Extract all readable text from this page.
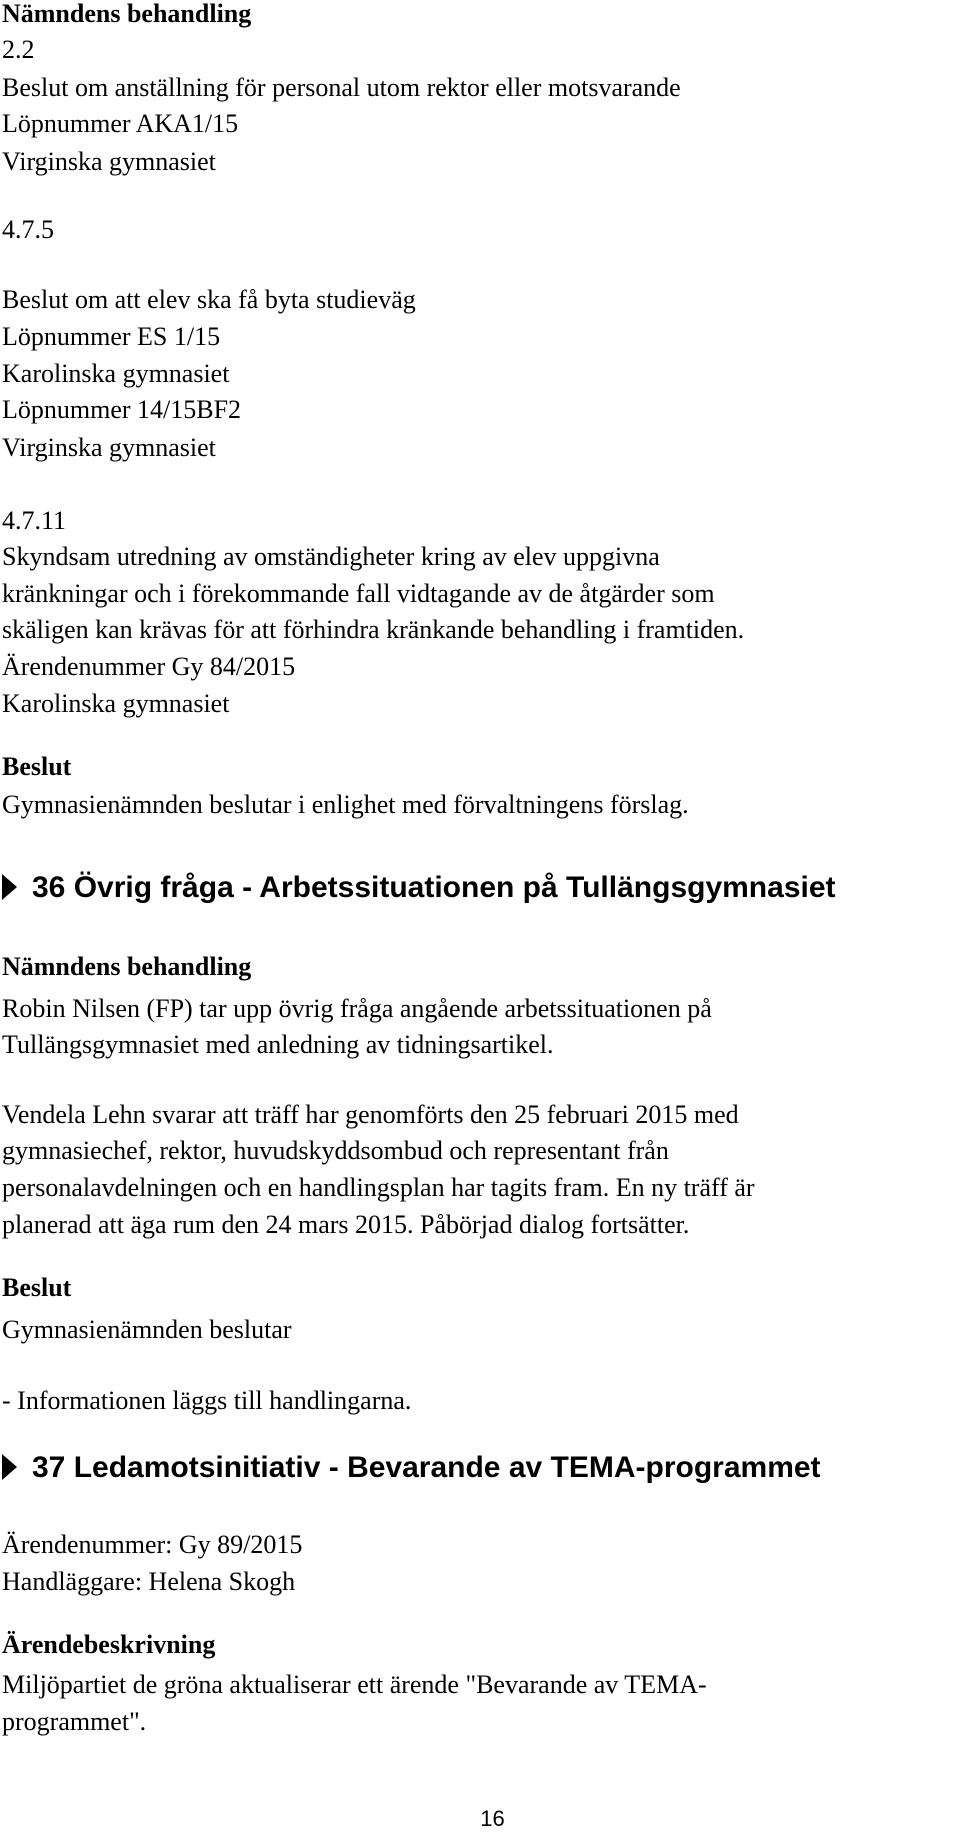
Nämndens behandling
2.2
Beslut om anställning för personal utom rektor eller motsvarande
Löpnummer AKA1/15
Virginska gymnasiet
4.7.5
Beslut om att elev ska få byta studieväg
Löpnummer ES 1/15
Karolinska gymnasiet
Löpnummer 14/15BF2
Virginska gymnasiet
4.7.11
Skyndsam utredning av omständigheter kring av elev uppgivna
kränkningar och i förekommande fall vidtagande av de åtgärder som
skäligen kan krävas för att förhindra kränkande behandling i framtiden.
Ärendenummer Gy 84/2015
Karolinska gymnasiet
Beslut
Gymnasienämnden beslutar i enlighet med förvaltningens förslag.
36 Övrig fråga - Arbetssituationen på Tullängsgymnasiet
Nämndens behandling
Robin Nilsen (FP) tar upp övrig fråga angående arbetssituationen på
Tullängsgymnasiet med anledning av tidningsartikel.
Vendela Lehn svarar att träff har genomförts den 25 februari 2015 med
gymnasiechef, rektor, huvudskyddsombud och representant från
personalavdelningen och en handlingsplan har tagits fram. En ny träff är
planerad att äga rum den 24 mars 2015. Påbörjad dialog fortsätter.
Beslut
Gymnasienämnden beslutar
- Informationen läggs till handlingarna.
37 Ledamotsinitiativ - Bevarande av TEMA-programmet
Ärendenummer: Gy 89/2015
Handläggare: Helena Skogh
Ärendebeskrivning
Miljöpartiet de gröna aktualiserar ett ärende "Bevarande av TEMA-
programmet".
16
